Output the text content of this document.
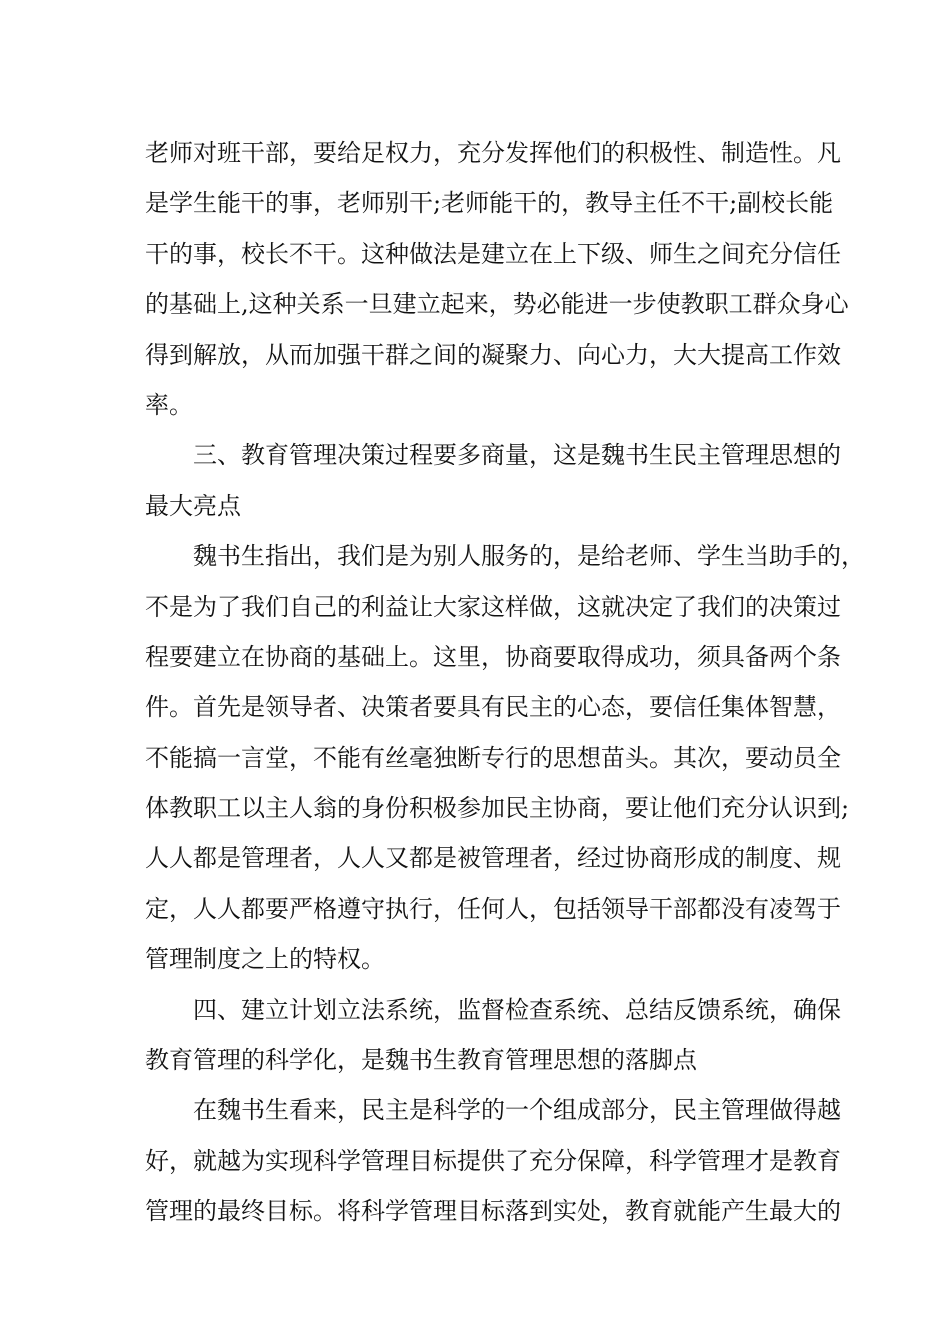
老师对班干部，要给足权力，充分发挥他们的积极性、制造性。凡
是学生能干的事，老师别干;老师能干的，教导主任不干;副校长能
干的事，校长不干。这种做法是建立在上下级、师生之间充分信任
的基础上,这种关系一旦建立起来，势必能进一步使教职工群众身心
得到解放，从而加强干群之间的凝聚力、向心力，大大提高工作效
率。
三、教育管理决策过程要多商量，这是魏书生民主管理思想的
最大亮点
魏书生指出，我们是为别人服务的，是给老师、学生当助手的，
不是为了我们自己的利益让大家这样做，这就决定了我们的决策过
程要建立在协商的基础上。这里，协商要取得成功，须具备两个条
件。首先是领导者、决策者要具有民主的心态，要信任集体智慧，
不能搞一言堂，不能有丝毫独断专行的思想苗头。其次，要动员全
体教职工以主人翁的身份积极参加民主协商，要让他们充分认识到;
人人都是管理者，人人又都是被管理者，经过协商形成的制度、规
定，人人都要严格遵守执行，任何人，包括领导干部都没有凌驾于
管理制度之上的特权。
四、建立计划立法系统，监督检查系统、总结反馈系统，确保
教育管理的科学化，是魏书生教育管理思想的落脚点
在魏书生看来，民主是科学的一个组成部分，民主管理做得越
好，就越为实现科学管理目标提供了充分保障，科学管理才是教育
管理的最终目标。将科学管理目标落到实处，教育就能产生最大的
